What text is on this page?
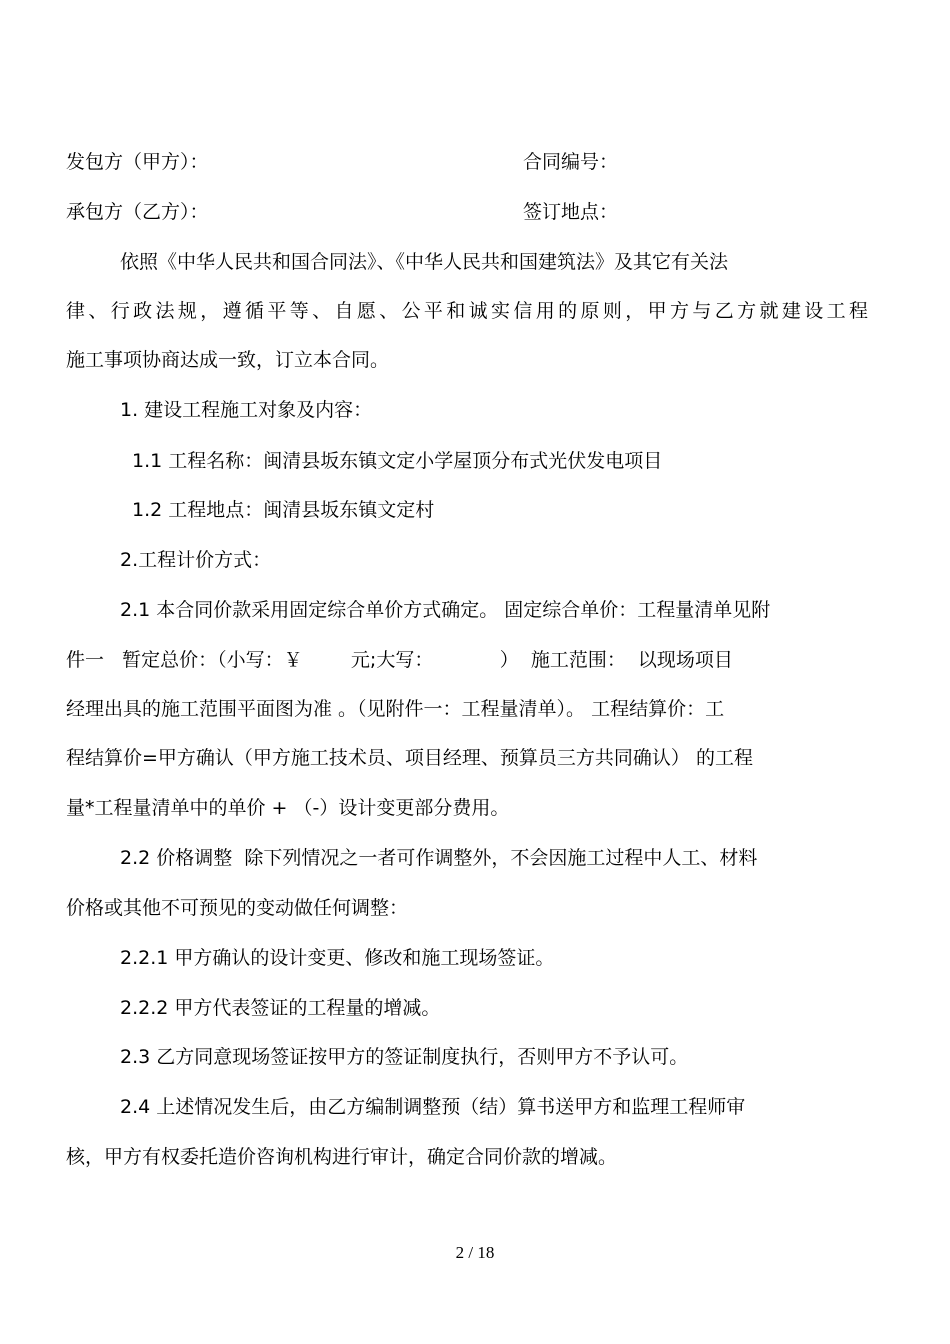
发包方（甲方）：	合同编号：
承包方（乙方）：	签订地点：
依照《中华人民共和国合同法》、《中华人民共和国建筑法》及其它有关法
律、行政法规，遵循平等、自愿、公平和诚实信用的原则，甲方与乙方就建设工程
施工事项协商达成一致，订立本合同。
1. 建设工程施工对象及内容：
1.1 工程名称：闽清县坂东镇文定小学屋顶分布式光伏发电项目
1.2 工程地点：闽清县坂东镇文定村
2.工程计价方式：
2.1 本合同价款采用固定综合单价方式确定。 固定综合单价：工程量清单见附
件一   暂定总价：（小写：￥        元;大写：           ）  施工范围：  以现场项目
经理出具的施工范围平面图为准 。（见附件一：工程量清单）。 工程结算价：工
程结算价=甲方确认（甲方施工技术员、项目经理、预算员三方共同确认） 的工程
量*工程量清单中的单价 + （-）设计变更部分费用。
2.2 价格调整  除下列情况之一者可作调整外，不会因施工过程中人工、材料
价格或其他不可预见的变动做任何调整：
2.2.1 甲方确认的设计变更、修改和施工现场签证。
2.2.2 甲方代表签证的工程量的增减。
2.3 乙方同意现场签证按甲方的签证制度执行，否则甲方不予认可。
2.4 上述情况发生后，由乙方编制调整预（结）算书送甲方和监理工程师审
核，甲方有权委托造价咨询机构进行审计，确定合同价款的增减。
2 / 18
